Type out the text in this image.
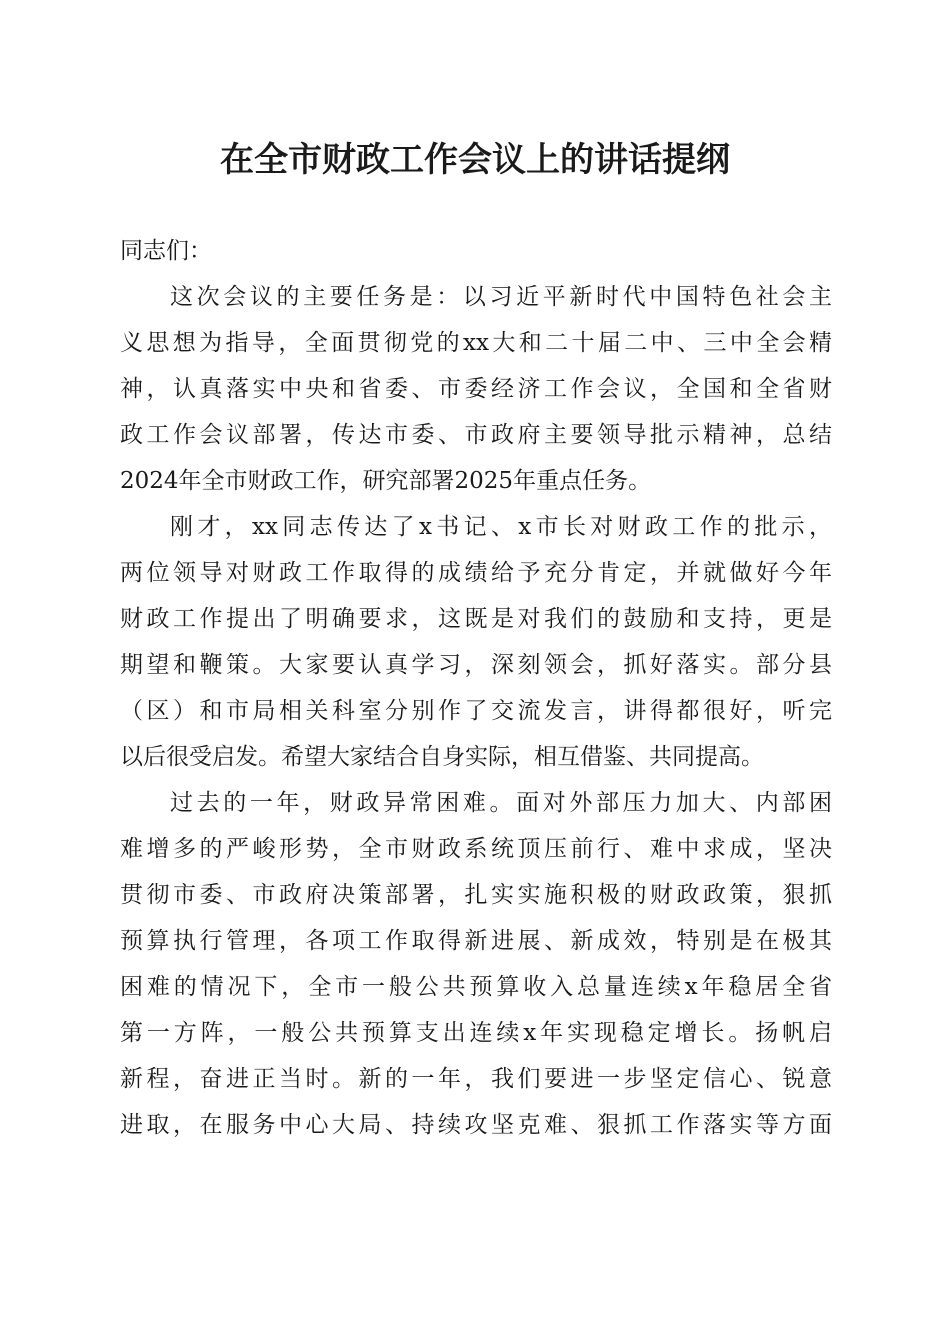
在全市财政工作会议上的讲话提纲
同志们：
这次会议的主要任务是：以习近平新时代中国特色社会主
义思想为指导，全面贯彻党的xx大和二十届二中、三中全会精
神，认真落实中央和省委、市委经济工作会议，全国和全省财
政工作会议部署，传达市委、市政府主要领导批示精神，总结
2024年全市财政工作，研究部署2025年重点任务。
刚才，xx同志传达了x书记、x市长对财政工作的批示，
两位领导对财政工作取得的成绩给予充分肯定，并就做好今年
财政工作提出了明确要求，这既是对我们的鼓励和支持，更是
期望和鞭策。大家要认真学习，深刻领会，抓好落实。部分县
（区）和市局相关科室分别作了交流发言，讲得都很好，听完
以后很受启发。希望大家结合自身实际，相互借鉴、共同提高。
过去的一年，财政异常困难。面对外部压力加大、内部困
难增多的严峻形势，全市财政系统顶压前行、难中求成，坚决
贯彻市委、市政府决策部署，扎实实施积极的财政政策，狠抓
预算执行管理，各项工作取得新进展、新成效，特别是在极其
困难的情况下，全市一般公共预算收入总量连续x年稳居全省
第一方阵，一般公共预算支出连续x年实现稳定增长。扬帆启
新程，奋进正当时。新的一年，我们要进一步坚定信心、锐意
进取，在服务中心大局、持续攻坚克难、狠抓工作落实等方面
